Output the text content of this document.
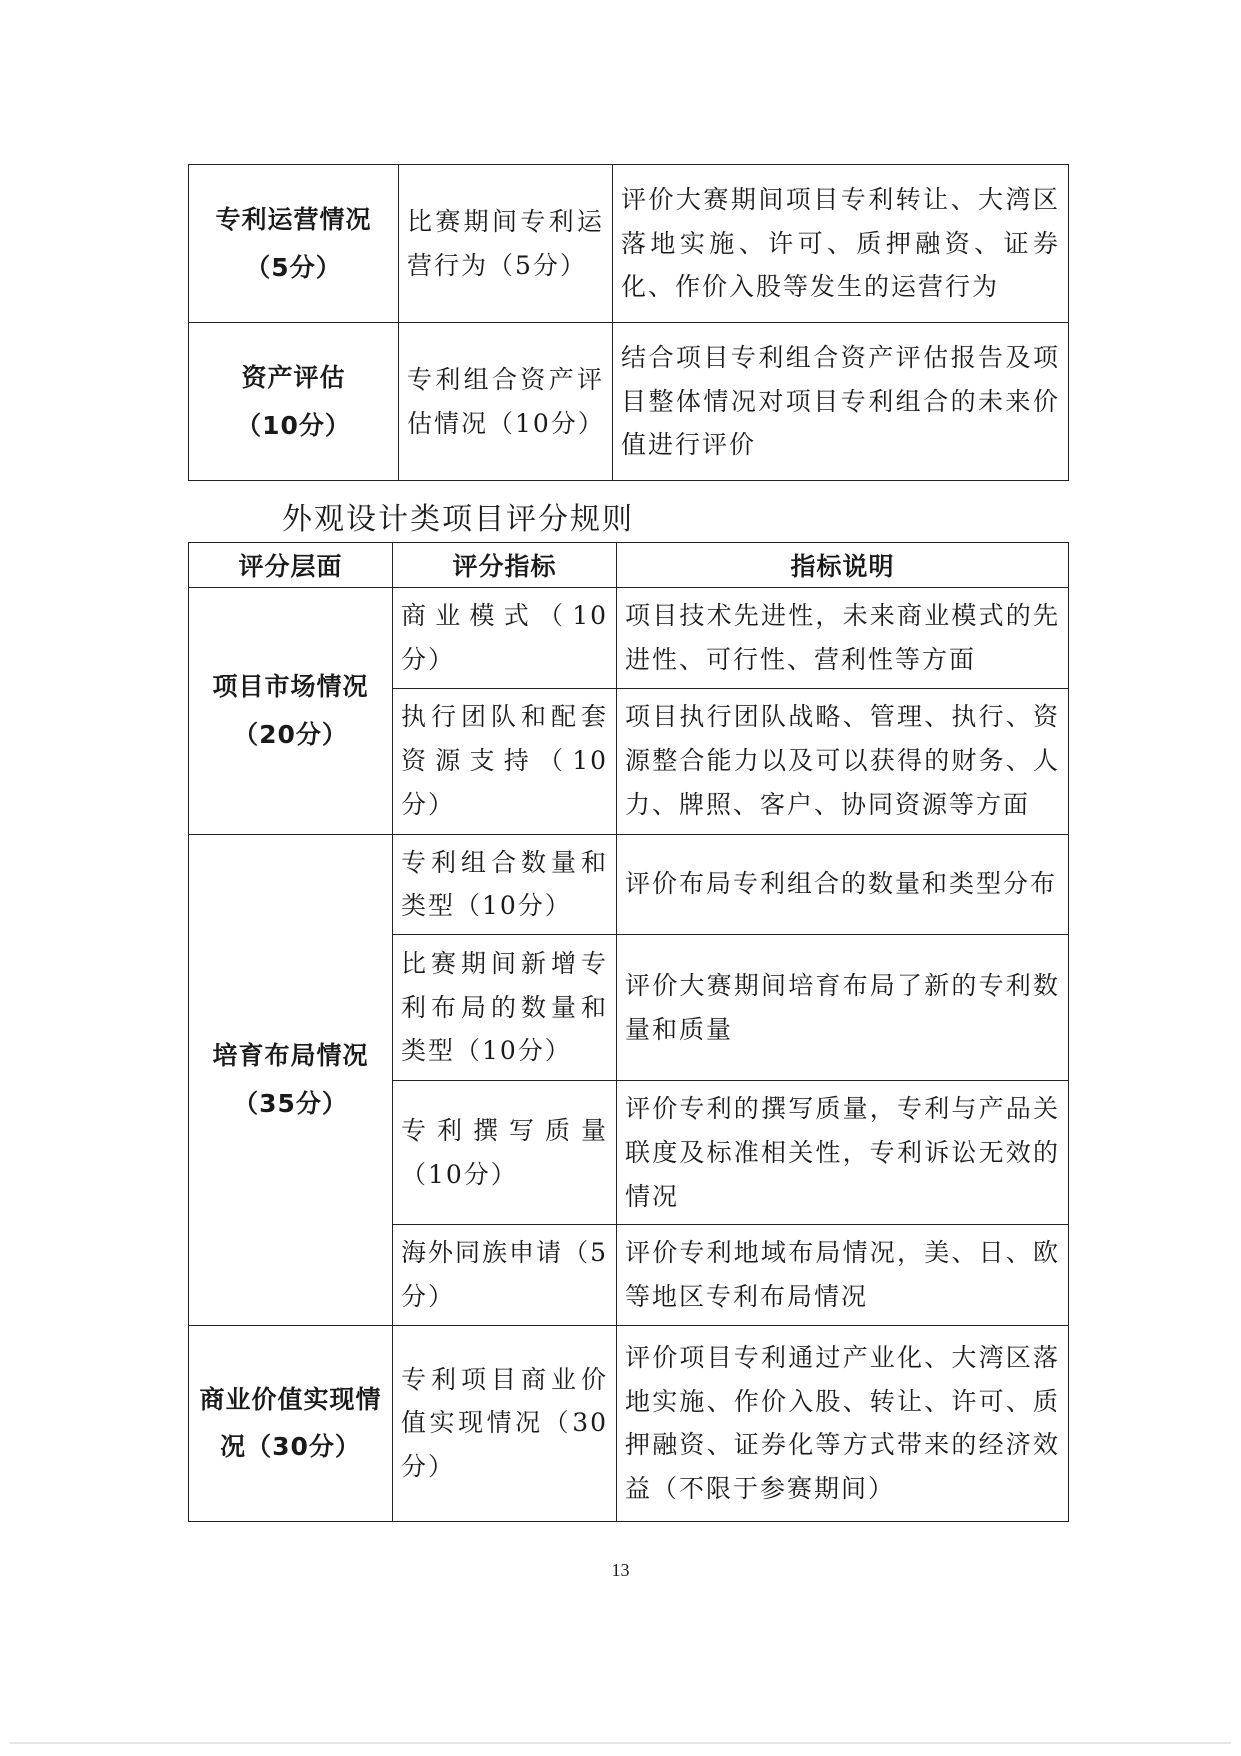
专利运营情况
（5分）	比赛期间专利运营行为（5分）	评价大赛期间项目专利转让、大湾区落地实施、许可、质押融资、证券化、作价入股等发生的运营行为

资产评估
（10分）	专利组合资产评估情况（10分）	结合项目专利组合资产评估报告及项目整体情况对项目专利组合的未来价值进行评价
外观设计类项目评分规则
评分层面	评分指标	指标说明

项目市场情况
（20分）	商业模式（10分）	项目技术先进性，未来商业模式的先进性、可行性、营利性等方面
	执行团队和配套资源支持（10分）	项目执行团队战略、管理、执行、资源整合能力以及可以获得的财务、人力、牌照、客户、协同资源等方面

培育布局情况
（35分）	专利组合数量和类型（10分）	评价布局专利组合的数量和类型分布
	比赛期间新增专利布局的数量和类型（10分）	评价大赛期间培育布局了新的专利数量和质量
	专利撰写质量（10分）	评价专利的撰写质量，专利与产品关联度及标准相关性，专利诉讼无效的情况
	海外同族申请（5分）	评价专利地域布局情况，美、日、欧等地区专利布局情况
商业价值实现情况（30分）	专利项目商业价值实现情况（30分）	评价项目专利通过产业化、大湾区落地实施、作价入股、转让、许可、质押融资、证券化等方式带来的经济效益（不限于参赛期间）
13
